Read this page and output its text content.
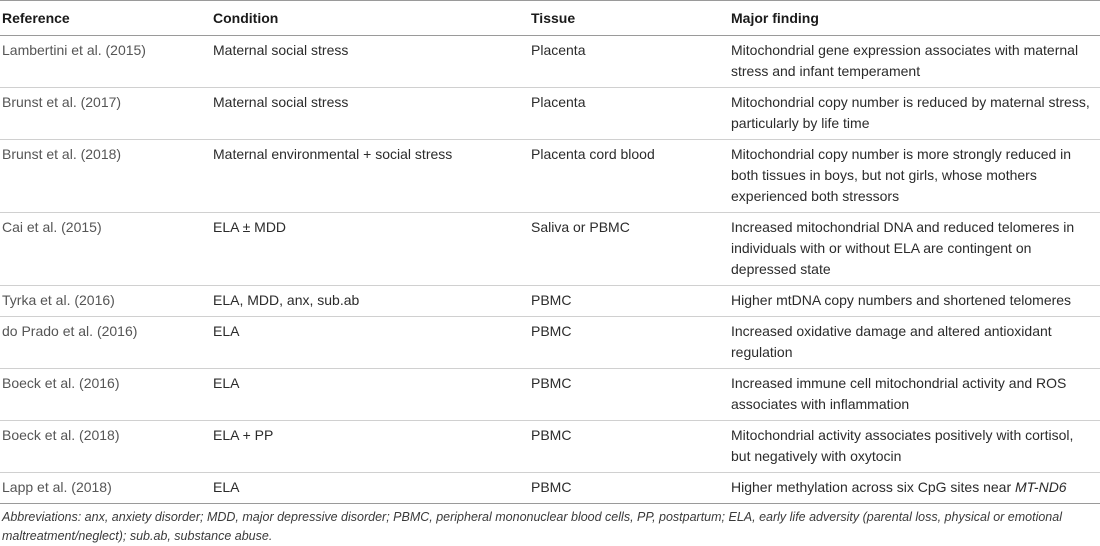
Reference	Condition	Tissue	Major finding
Lambertini et al. (2015)	Maternal social stress	Placenta	Mitochondrial gene expression associates with maternal stress and infant temperament
Brunst et al. (2017)	Maternal social stress	Placenta	Mitochondrial copy number is reduced by maternal stress, particularly by life time
Brunst et al. (2018)	Maternal environmental + social stress	Placenta cord blood	Mitochondrial copy number is more strongly reduced in both tissues in boys, but not girls, whose mothers experienced both stressors
Cai et al. (2015)	ELA ± MDD	Saliva or PBMC	Increased mitochondrial DNA and reduced telomeres in individuals with or without ELA are contingent on depressed state
Tyrka et al. (2016)	ELA, MDD, anx, sub.ab	PBMC	Higher mtDNA copy numbers and shortened telomeres
do Prado et al. (2016)	ELA	PBMC	Increased oxidative damage and altered antioxidant regulation
Boeck et al. (2016)	ELA	PBMC	Increased immune cell mitochondrial activity and ROS associates with inflammation
Boeck et al. (2018)	ELA + PP	PBMC	Mitochondrial activity associates positively with cortisol, but negatively with oxytocin
Lapp et al. (2018)	ELA	PBMC	Higher methylation across six CpG sites near MT-ND6
Abbreviations: anx, anxiety disorder; MDD, major depressive disorder; PBMC, peripheral mononuclear blood cells, PP, postpartum; ELA, early life adversity (parental loss, physical or emotional maltreatment/neglect); sub.ab, substance abuse.
